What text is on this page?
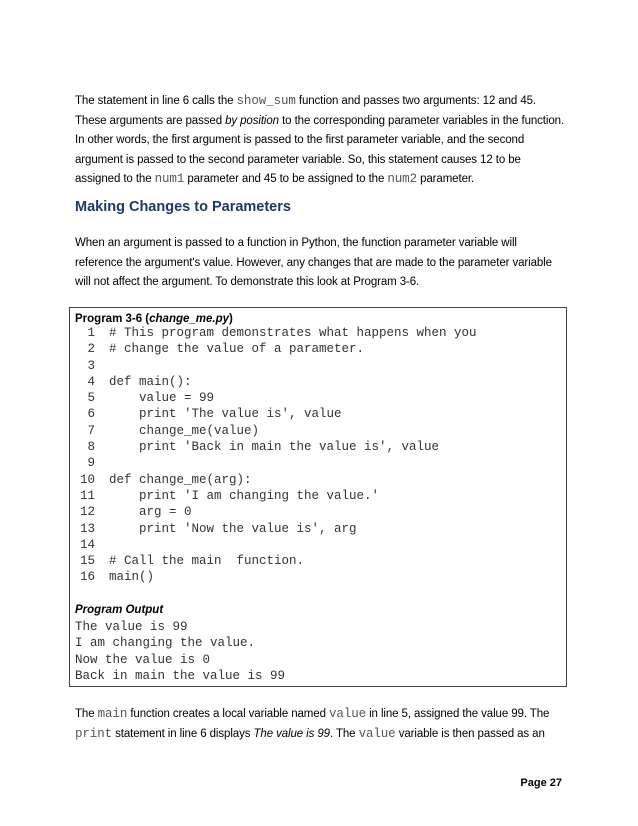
The statement in line 6 calls the show_sum function and passes two arguments: 12 and 45. These arguments are passed by position to the corresponding parameter variables in the function. In other words, the first argument is passed to the first parameter variable, and the second argument is passed to the second parameter variable. So, this statement causes 12 to be assigned to the num1 parameter and 45 to be assigned to the num2 parameter.
Making Changes to Parameters
When an argument is passed to a function in Python, the function parameter variable will reference the argument's value. However, any changes that are made to the parameter variable will not affect the argument. To demonstrate this look at Program 3-6.
Program 3-6 (change_me.py)
1 # This program demonstrates what happens when you
2 # change the value of a parameter.
3
4 def main():
5    value = 99
6    print 'The value is', value
7    change_me(value)
8    print 'Back in main the value is', value
9
10 def change_me(arg):
11    print 'I am changing the value.'
12    arg = 0
13    print 'Now the value is', arg
14
15 # Call the main  function.
16 main()
Program Output
The value is 99
I am changing the value.
Now the value is 0
Back in main the value is 99
The main function creates a local variable named value in line 5, assigned the value 99. The print statement in line 6 displays The value is 99. The value variable is then passed as an
Page 27
